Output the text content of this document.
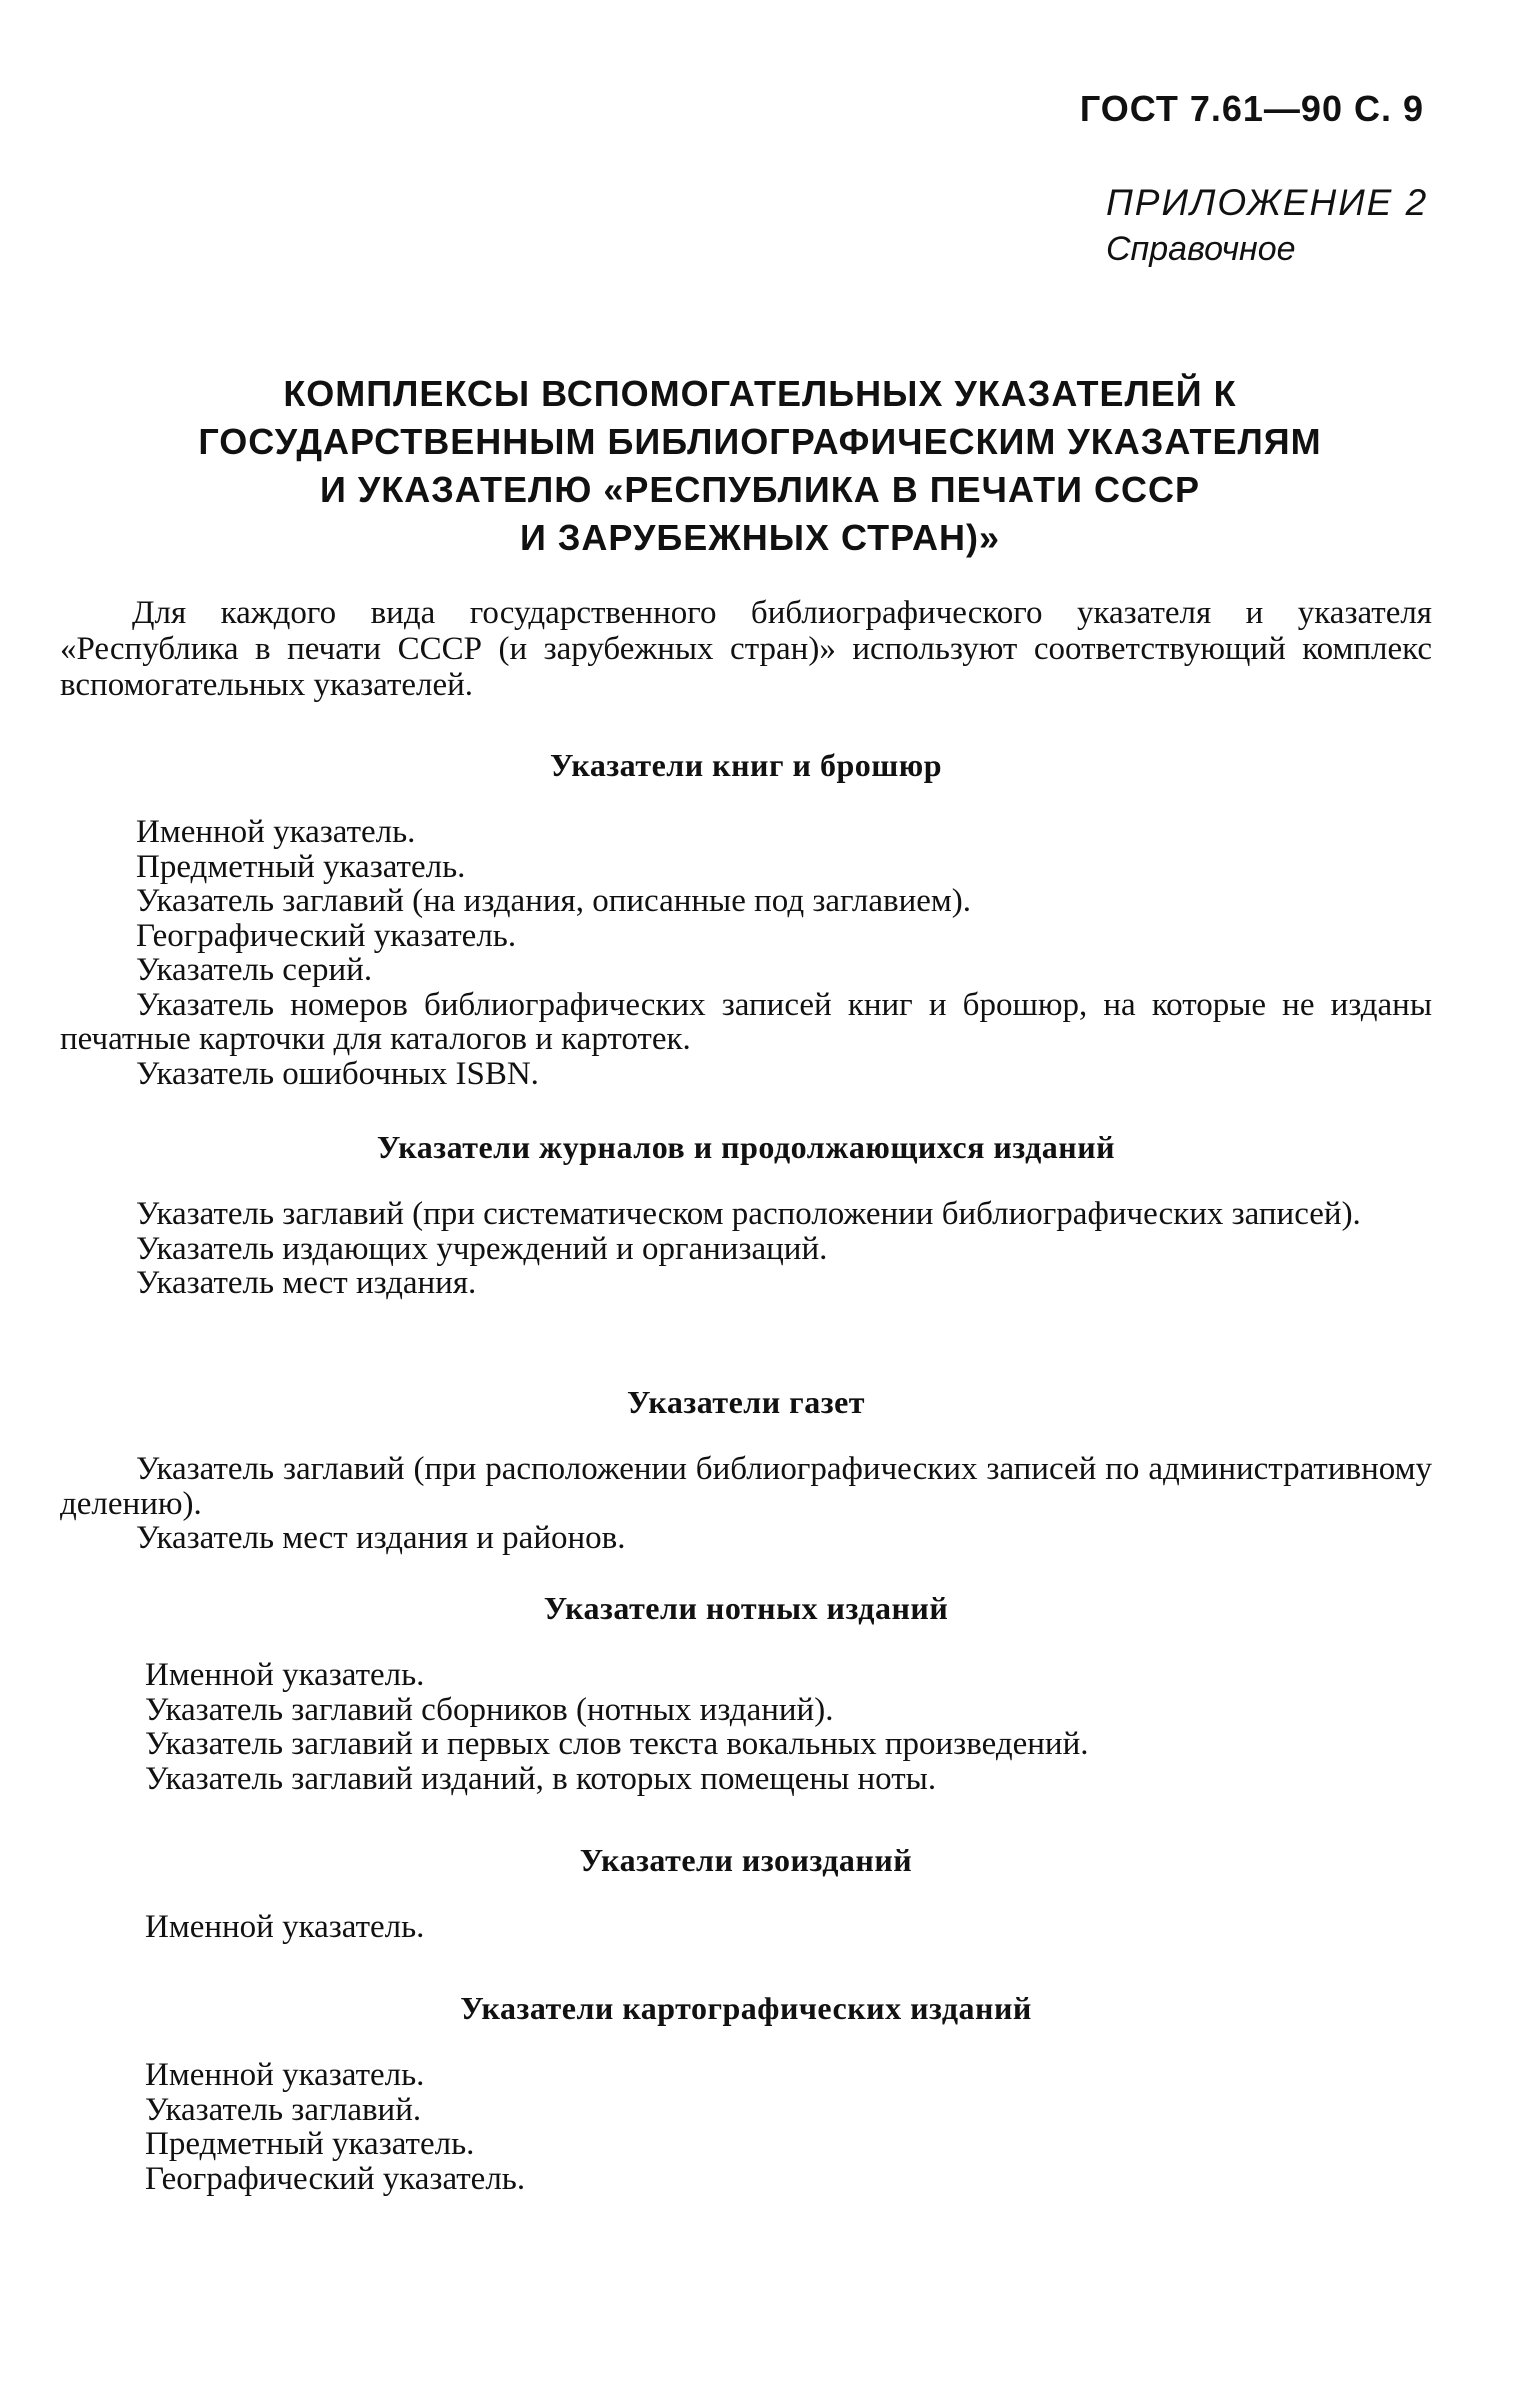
ГОСТ 7.61—90 С. 9
ПРИЛОЖЕНИЕ 2
Справочное
КОМПЛЕКСЫ ВСПОМОГАТЕЛЬНЫХ УКАЗАТЕЛЕЙ К
ГОСУДАРСТВЕННЫМ БИБЛИОГРАФИЧЕСКИМ УКАЗАТЕЛЯМ
И УКАЗАТЕЛЮ «РЕСПУБЛИКА В ПЕЧАТИ СССР
И ЗАРУБЕЖНЫХ СТРАН)»

Для каждого вида государственного библиографического указателя и указателя «Республика в печати СССР (и зарубежных стран)» используют соответствующий комплекс вспомогательных указателей.

Указатели книг и брошюр

Именной указатель.

Предметный указатель.

Указатель заглавий (на издания, описанные под заглавием).

Географический указатель.

Указатель серий.

Указатель номеров библиографических записей книг и брошюр, на которые не изданы печатные карточки для каталогов и картотек.

Указатель ошибочных ISBN.

Указатели журналов и продолжающихся изданий

Указатель заглавий (при систематическом расположении библиографических записей).

Указатель издающих учреждений и организаций.

Указатель мест издания.

Указатели газет

Указатель заглавий (при расположении библиографических записей по административному делению).

Указатель мест издания и районов.

Указатели нотных изданий

Именной указатель.

Указатель заглавий сборников (нотных изданий).

Указатель заглавий и первых слов текста вокальных произведений.

Указатель заглавий изданий, в которых помещены ноты.

Указатели изоизданий

Именной указатель.

Указатели картографических изданий

Именной указатель.

Указатель заглавий.

Предметный указатель.

Географический указатель.
